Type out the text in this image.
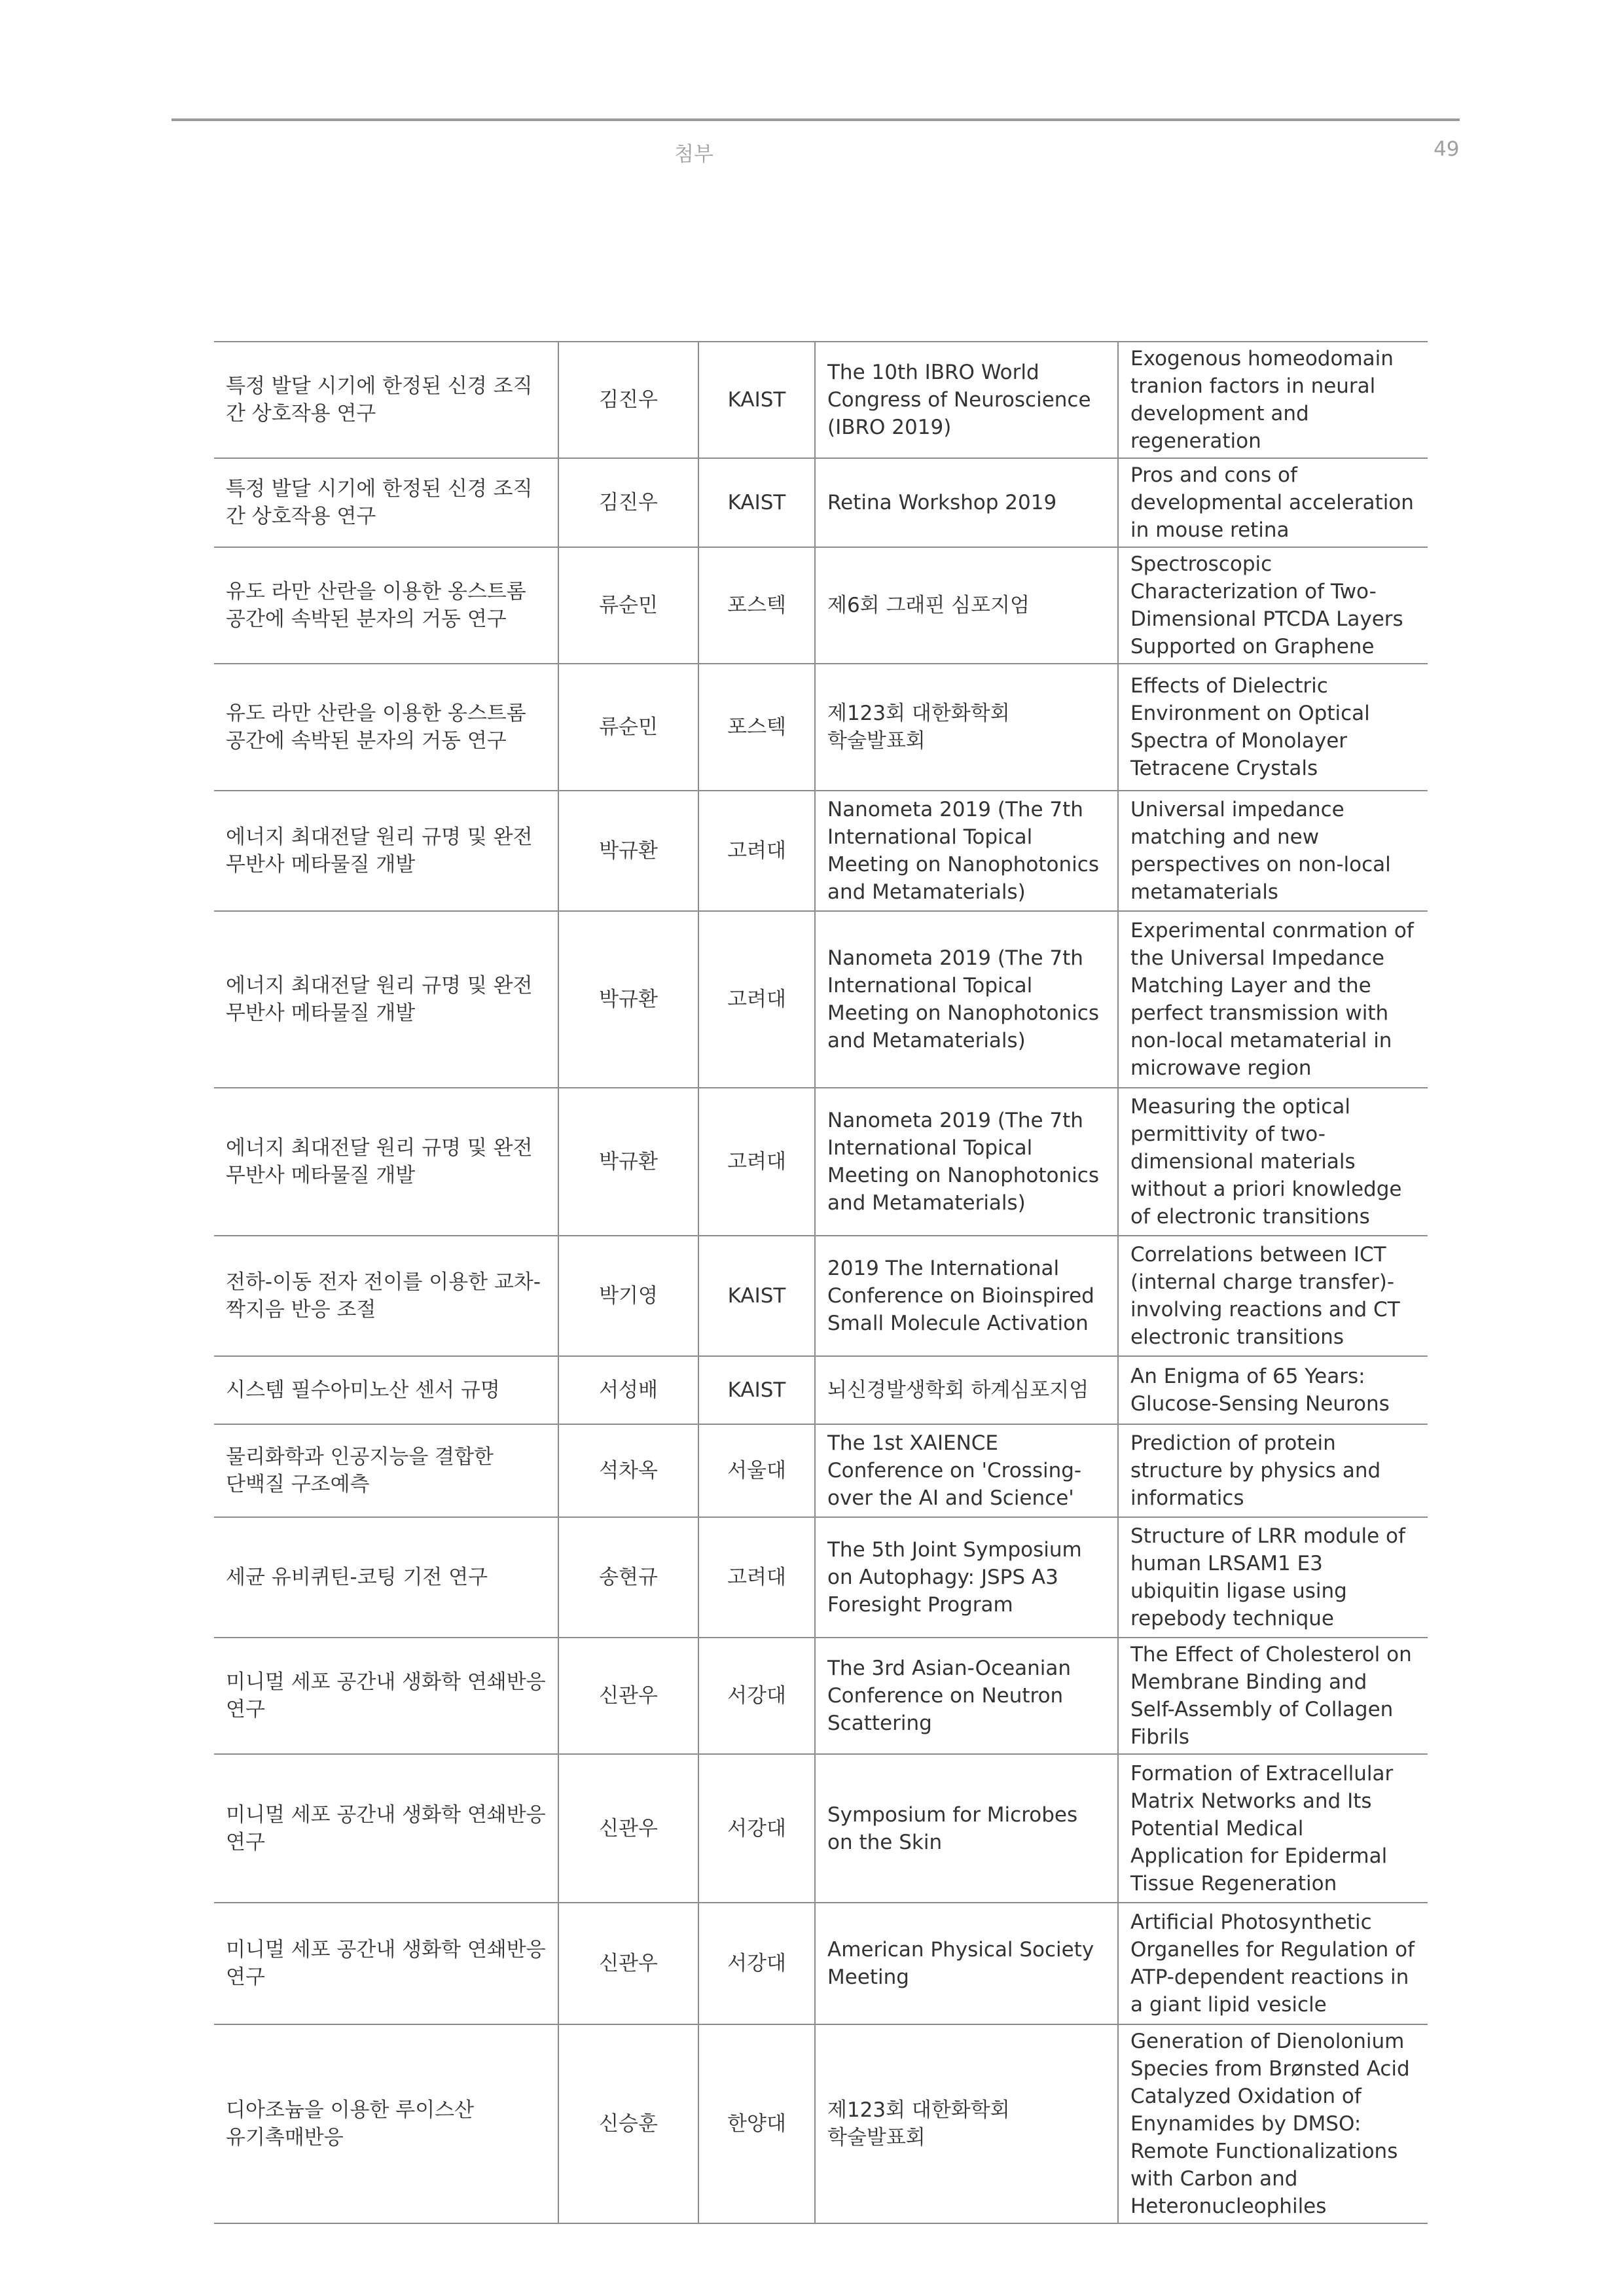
첨부	49
특정 발달 시기에 한정된 신경 조직 간 상호작용 연구	김진우	KAIST	The 10th IBRO World Congress of Neuroscience (IBRO 2019)	Exogenous homeodomain tranion factors in neural development and regeneration
특정 발달 시기에 한정된 신경 조직 간 상호작용 연구	김진우	KAIST	Retina Workshop 2019	Pros and cons of developmental acceleration in mouse retina
유도 라만 산란을 이용한 옹스트롬 공간에 속박된 분자의 거동 연구	류순민	포스텍	제6회 그래핀 심포지엄	Spectroscopic Characterization of Two-Dimensional PTCDA Layers Supported on Graphene
유도 라만 산란을 이용한 옹스트롬 공간에 속박된 분자의 거동 연구	류순민	포스텍	제123회 대한화학회 학술발표회	Effects of Dielectric Environment on Optical Spectra of Monolayer Tetracene Crystals
에너지 최대전달 원리 규명 및 완전 무반사 메타물질 개발	박규환	고려대	Nanometa 2019 (The 7th International Topical Meeting on Nanophotonics and Metamaterials)	Universal impedance matching and new perspectives on non-local metamaterials
에너지 최대전달 원리 규명 및 완전 무반사 메타물질 개발	박규환	고려대	Nanometa 2019 (The 7th International Topical Meeting on Nanophotonics and Metamaterials)	Experimental conrmation of the Universal Impedance Matching Layer and the perfect transmission with non-local metamaterial in microwave region
에너지 최대전달 원리 규명 및 완전 무반사 메타물질 개발	박규환	고려대	Nanometa 2019 (The 7th International Topical Meeting on Nanophotonics and Metamaterials)	Measuring the optical permittivity of two-dimensional materials without a priori knowledge of electronic transitions
전하-이동 전자 전이를 이용한 교차-짝지음 반응 조절	박기영	KAIST	2019 The International Conference on Bioinspired Small Molecule Activation	Correlations between ICT (internal charge transfer)-involving reactions and CT electronic transitions
시스템 필수아미노산 센서 규명	서성배	KAIST	뇌신경발생학회 하계심포지엄	An Enigma of 65 Years: Glucose-Sensing Neurons
물리화학과 인공지능을 결합한 단백질 구조예측	석차옥	서울대	The 1st XAIENCE Conference on 'Crossing-over the AI and Science'	Prediction of protein structure by physics and informatics
세균 유비퀴틴-코팅 기전 연구	송현규	고려대	The 5th Joint Symposium on Autophagy: JSPS A3 Foresight Program	Structure of LRR module of human LRSAM1 E3 ubiquitin ligase using repebody technique
미니멀 세포 공간내 생화학 연쇄반응 연구	신관우	서강대	The 3rd Asian-Oceanian Conference on Neutron Scattering	The Effect of Cholesterol on Membrane Binding and Self-Assembly of Collagen Fibrils
미니멀 세포 공간내 생화학 연쇄반응 연구	신관우	서강대	Symposium for Microbes on the Skin	Formation of Extracellular Matrix Networks and Its Potential Medical Application for Epidermal Tissue Regeneration
미니멀 세포 공간내 생화학 연쇄반응 연구	신관우	서강대	American Physical Society Meeting	Artificial Photosynthetic Organelles for Regulation of ATP-dependent reactions in a giant lipid vesicle
디아조늄을 이용한 루이스산 유기촉매반응	신승훈	한양대	제123회 대한화학회 학술발표회	Generation of Dienolonium Species from Brønsted Acid Catalyzed Oxidation of Enynamides by DMSO: Remote Functionalizations with Carbon and Heteronucleophiles
